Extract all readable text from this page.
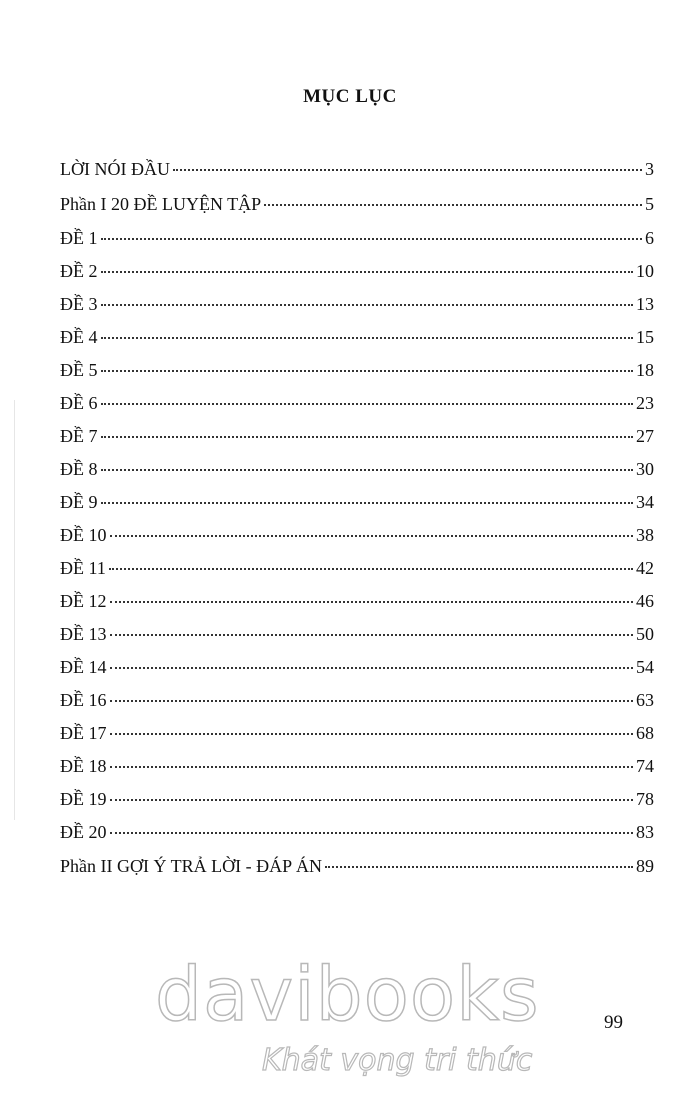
MỤC LỤC
LỜI NÓI ĐẦU	3
Phần I 20 ĐỀ LUYỆN TẬP	5
ĐỀ 1	6
ĐỀ 2	10
ĐỀ 3	13
ĐỀ 4	15
ĐỀ 5	18
ĐỀ 6	23
ĐỀ 7	27
ĐỀ 8	30
ĐỀ 9	34
ĐỀ 10	38
ĐỀ 11	42
ĐỀ 12	46
ĐỀ 13	50
ĐỀ 14	54
ĐỀ 16	63
ĐỀ 17	68
ĐỀ 18	74
ĐỀ 19	78
ĐỀ 20	83
Phần II GỢI Ý TRẢ LỜI - ĐÁP ÁN	89
davibooks
Khát vọng tri thức
99
